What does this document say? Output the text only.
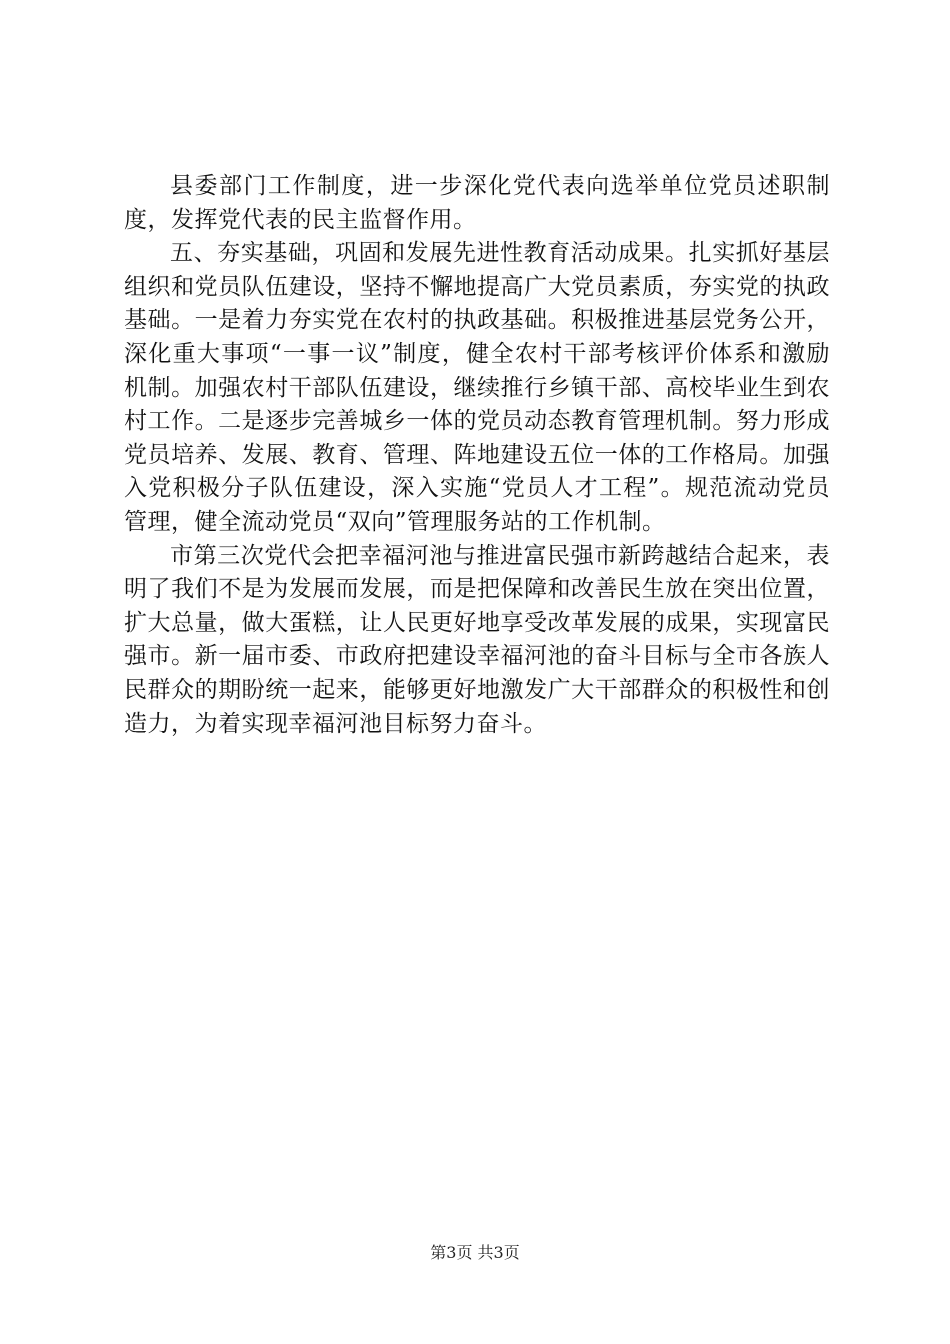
县委部门工作制度，进一步深化党代表向选举单位党员述职制度，发挥党代表的民主监督作用。

五、夯实基础，巩固和发展先进性教育活动成果。扎实抓好基层组织和党员队伍建设，坚持不懈地提高广大党员素质，夯实党的执政基础。一是着力夯实党在农村的执政基础。积极推进基层党务公开，深化重大事项“一事一议”制度，健全农村干部考核评价体系和激励机制。加强农村干部队伍建设，继续推行乡镇干部、高校毕业生到农村工作。二是逐步完善城乡一体的党员动态教育管理机制。努力形成党员培养、发展、教育、管理、阵地建设五位一体的工作格局。加强入党积极分子队伍建设，深入实施“党员人才工程”。规范流动党员管理，健全流动党员“双向”管理服务站的工作机制。

市第三次党代会把幸福河池与推进富民强市新跨越结合起来，表明了我们不是为发展而发展，而是把保障和改善民生放在突出位置，扩大总量，做大蛋糕，让人民更好地享受改革发展的成果，实现富民强市。新一届市委、市政府把建设幸福河池的奋斗目标与全市各族人民群众的期盼统一起来，能够更好地激发广大干部群众的积极性和创造力，为着实现幸福河池目标努力奋斗。

第3页 共3页
